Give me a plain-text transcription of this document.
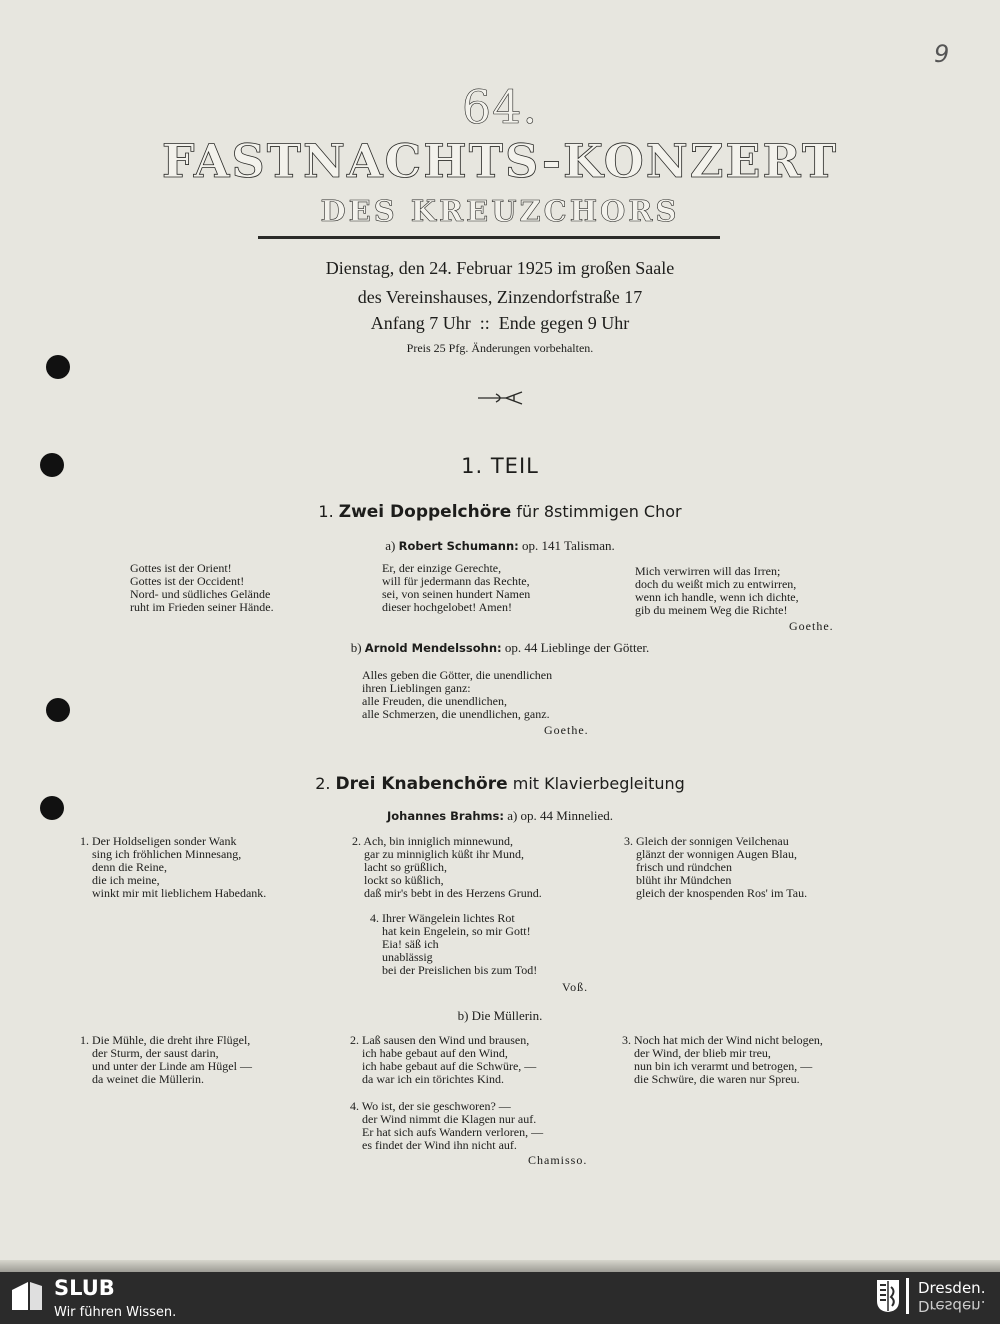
9
64.
FASTNACHTS-KONZERT
DES KREUZCHORS
Dienstag, den 24. Februar 1925 im großen Saale
des Vereinshauses, Zinzendorfstraße 17
Anfang 7 Uhr  ::  Ende gegen 9 Uhr
Preis 25 Pfg. Änderungen vorbehalten.
1. TEIL
1. Zwei Doppelchöre für 8stimmigen Chor
a) Robert Schumann: op. 141 Talisman.
Gottes ist der Orient!
Gottes ist der Occident!
Nord- und südliches Gelände
ruht im Frieden seiner Hände.
Er, der einzige Gerechte,
will für jedermann das Rechte,
sei, von seinen hundert Namen
dieser hochgelobet! Amen!
Mich verwirren will das Irren;
doch du weißt mich zu entwirren,
wenn ich handle, wenn ich dichte,
gib du meinem Weg die Richte!
Goethe.
b) Arnold Mendelssohn: op. 44 Lieblinge der Götter.
Alles geben die Götter, die unendlichen
ihren Lieblingen ganz:
alle Freuden, die unendlichen,
alle Schmerzen, die unendlichen, ganz.
Goethe.
2. Drei Knabenchöre mit Klavierbegleitung
Johannes Brahms: a) op. 44 Minnelied.
1. Der Holdseligen sonder Wank
sing ich fröhlichen Minnesang,
denn die Reine,
die ich meine,
winkt mir mit lieblichem Habedank.
2. Ach, bin inniglich minnewund,
gar zu minniglich küßt ihr Mund,
lacht so grüßlich,
lockt so küßlich,
daß mir's bebt in des Herzens Grund.
3. Gleich der sonnigen Veilchenau
glänzt der wonnigen Augen Blau,
frisch und ründchen
blüht ihr Mündchen
gleich der knospenden Ros' im Tau.
4. Ihrer Wängelein lichtes Rot
hat kein Engelein, so mir Gott!
Eia! säß ich
unablässig
bei der Preislichen bis zum Tod!
Voß.
b) Die Müllerin.
1. Die Mühle, die dreht ihre Flügel,
der Sturm, der saust darin,
und unter der Linde am Hügel —
da weinet die Müllerin.
2. Laß sausen den Wind und brausen,
ich habe gebaut auf den Wind,
ich habe gebaut auf die Schwüre, —
da war ich ein törichtes Kind.
3. Noch hat mich der Wind nicht belogen,
der Wind, der blieb mir treu,
nun bin ich verarmt und betrogen, —
die Schwüre, die waren nur Spreu.
4. Wo ist, der sie geschworen? —
der Wind nimmt die Klagen nur auf.
Er hat sich aufs Wandern verloren, —
es findet der Wind ihn nicht auf.
Chamisso.
SLUB
Wir führen Wissen.
Dresden.
Dresden.
